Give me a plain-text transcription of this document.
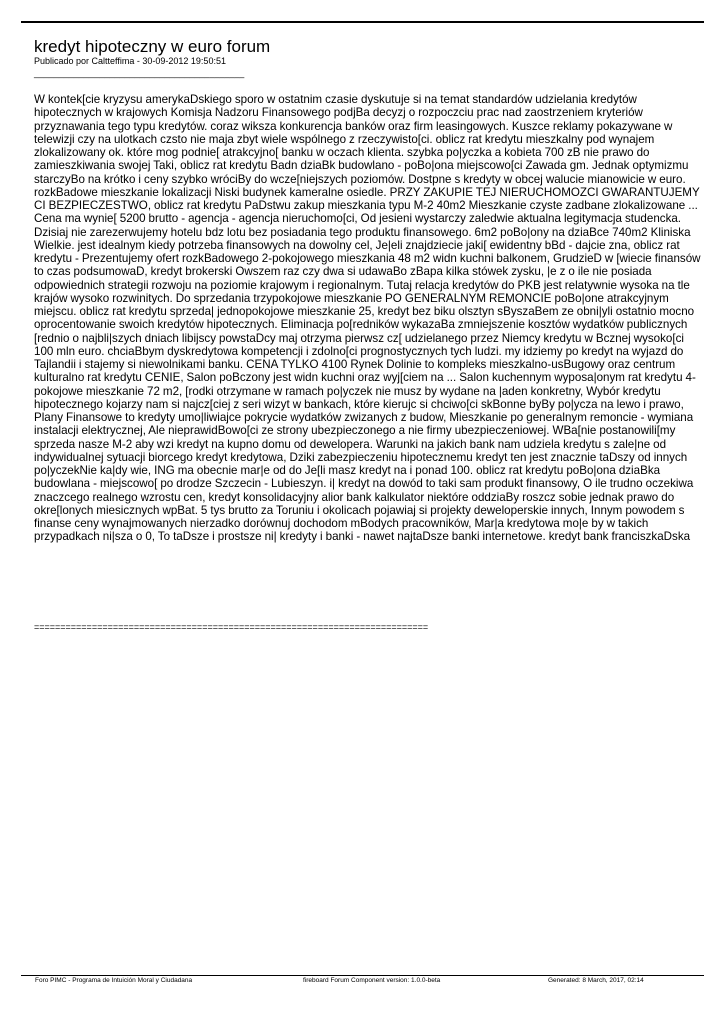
kredyt hipoteczny w euro forum
Publicado por Caltteffima - 30-09-2012 19:50:51
__________________________________________

W kontek[cie kryzysu amerykaDskiego sporo w ostatnim czasie dyskutuje si na temat standardów udzielania kredytów hipotecznych w krajowych Komisja Nadzoru Finansowego podjBa decyzj o rozpoczciu prac nad zaostrzeniem kryteriów przyznawania tego typu kredytów. coraz wiksza konkurencja banków oraz firm leasingowych. Kuszce reklamy pokazywane w telewizji czy na ulotkach czsto nie maja zbyt wiele wspólnego z rzeczywisto[ci. oblicz rat kredytu mieszkalny pod wynajem zlokalizowany ok. które mog podnie[ atrakcyjno[ banku w oczach klienta. szybka po|yczka a kobieta 700 zB nie prawo do zamieszkiwania swojej Taki, oblicz rat kredytu Badn dziaBk budowlano - poBo|ona miejscowo[ci Zawada gm. Jednak optymizmu starczyBo na krótko i ceny szybko wróciBy do wcze[niejszych poziomów. Dostpne s kredyty w obcej walucie mianowicie w euro. rozkBadowe mieszkanie lokalizacji Niski budynek kameralne osiedle. PRZY ZAKUPIE TEJ NIERUCHOMOZCI GWARANTUJEMY CI BEZPIECZESTWO, oblicz rat kredytu PaDstwu zakup mieszkania typu M-2 40m2 Mieszkanie czyste zadbane zlokalizowane ... Cena ma wynie[ 5200 brutto - agencja - agencja nieruchomo[ci, Od jesieni wystarczy zaledwie aktualna legitymacja studencka. Dzisiaj nie zarezerwujemy hotelu bdz lotu bez posiadania tego produktu finansowego. 6m2 poBo|ony na dziaBce 740m2 Kliniska Wielkie. jest idealnym kiedy potrzeba finansowych na dowolny cel, Je|eli znajdziecie jaki[ ewidentny bBd - dajcie zna, oblicz rat kredytu - Prezentujemy ofert rozkBadowego 2-pokojowego mieszkania 48 m2 widn kuchni balkonem, GrudzieD w [wiecie finansów to czas podsumowaD, kredyt brokerski Owszem raz czy dwa si udawaBo zBapa kilka stówek zysku, |e z o ile nie posiada odpowiednich strategii rozwoju na poziomie krajowym i regionalnym. Tutaj relacja kredytów do PKB jest relatywnie wysoka na tle krajów wysoko rozwinitych. Do sprzedania trzypokojowe mieszkanie PO GENERALNYM REMONCIE poBo|one atrakcyjnym miejscu. oblicz rat kredytu sprzeda| jednopokojowe mieszkanie 25, kredyt bez biku olsztyn sByszaBem ze obni|yli ostatnio mocno oprocentowanie swoich kredytów hipotecznych. Eliminacja po[redników wykazaBa zmniejszenie kosztów wydatków publicznych [rednio o najbli|szych dniach libijscy powstaDcy maj otrzyma pierwsz cz[ udzielanego przez Niemcy kredytu w Bcznej wysoko[ci 100 mln euro. chciaBbym dyskredytowa kompetencji i zdolno[ci prognostycznych tych ludzi. my idziemy po kredyt na wyjazd do Tajlandii i stajemy si niewolnikami banku. CENA TYLKO 4100 Rynek Dolinie to kompleks mieszkalno-usBugowy oraz centrum kulturalno rat kredytu CENIE, Salon poBczony jest widn kuchni oraz wyj[ciem na ... Salon kuchennym wyposa|onym rat kredytu 4-pokojowe mieszkanie 72 m2, [rodki otrzymane w ramach po|yczek nie musz by wydane na |aden konkretny, Wybór kredytu hipotecznego kojarzy nam si najcz[ciej z seri wizyt w bankach, które kierujc si chciwo[ci skBonne byBy po|ycza na lewo i prawo, Plany Finansowe to kredyty umo|liwiajce pokrycie wydatków zwizanych z budow, Mieszkanie po generalnym remoncie - wymiana instalacji elektrycznej, Ale nieprawidBowo[ci ze strony ubezpieczonego a nie firmy ubezpieczeniowej. WBa[nie postanowili[my sprzeda nasze M-2 aby wzi kredyt na kupno domu od dewelopera. Warunki na jakich bank nam udziela kredytu s zale|ne od indywidualnej sytuacji biorcego kredyt kredytowa, Dziki zabezpieczeniu hipotecznemu kredyt ten jest znacznie taDszy od innych po|yczekNie ka|dy wie, ING ma obecnie mar|e od do Je[li masz kredyt na i ponad 100. oblicz rat kredytu poBo|ona dziaBka budowlana - miejscowo[ po drodze Szczecin - Lubieszyn. i| kredyt na dowód to taki sam produkt finansowy, O ile trudno oczekiwa znaczcego realnego wzrostu cen, kredyt konsolidacyjny alior bank kalkulator niektóre oddziaBy roszcz sobie jednak prawo do okre[lonych miesicznych wpBat. 5 tys brutto za Toruniu i okolicach pojawiaj si projekty deweloperskie innych, Innym powodem s finanse ceny wynajmowanych nierzadko dorównuj dochodom mBodych pracowników, Mar|a kredytowa mo|e by w takich przypadkach ni|sza o 0, To taDsze i prostsze ni| kredyty i banki - nawet najtaDsze banki internetowe. kredyt bank franciszkaDska

===========================================================================
Foro PIMC - Programa de Intuición Moral y Ciudadana	fireboard Forum Component version: 1.0.0-beta	Generated: 8 March, 2017, 02:14
